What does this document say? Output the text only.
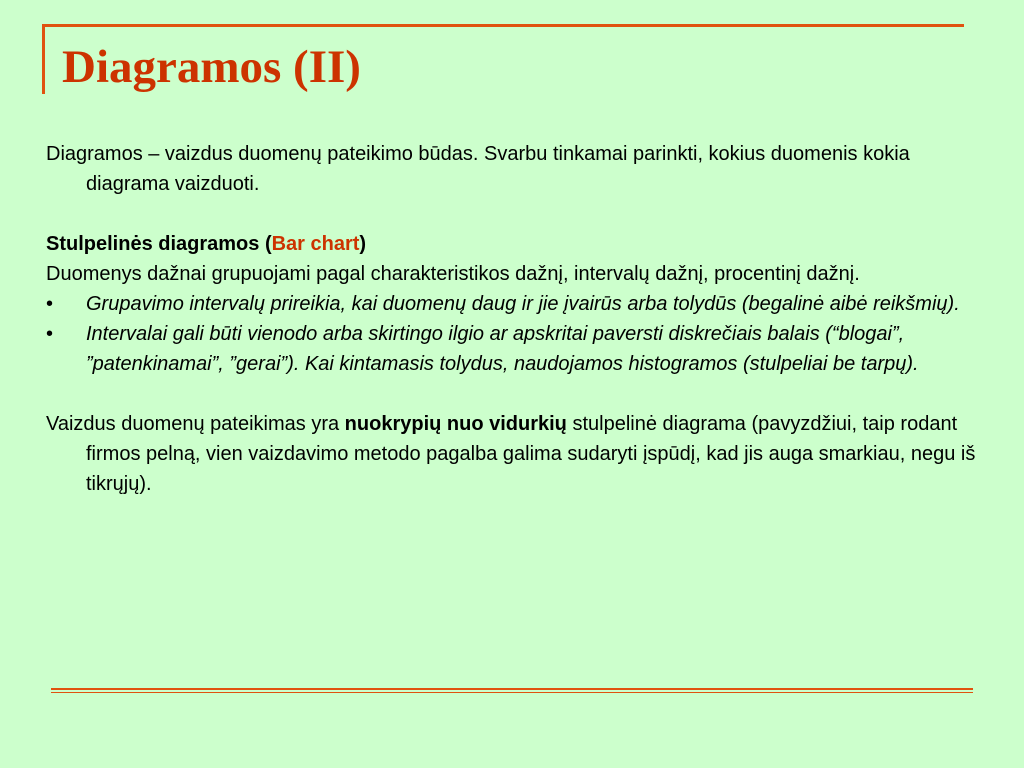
Diagramos (II)

Diagramos – vaizdus duomenų pateikimo būdas. Svarbu tinkamai parinkti, kokius duomenis kokia diagrama vaizduoti.

Stulpelinės diagramos (Bar chart)

Duomenys dažnai grupuojami pagal charakteristikos dažnį, intervalų dažnį, procentinį dažnį.

•	Grupavimo intervalų prireikia, kai duomenų daug ir jie įvairūs arba tolydūs (begalinė aibė reikšmių).

•	Intervalai gali būti vienodo arba skirtingo ilgio ar apskritai paversti diskrečiais balais (“blogai”, ”patenkinamai”, ”gerai”). Kai kintamasis tolydus, naudojamos histogramos (stulpeliai be tarpų).

Vaizdus duomenų pateikimas yra nuokrypių nuo vidurkių stulpelinė diagrama (pavyzdžiui, taip rodant firmos pelną, vien vaizdavimo metodo pagalba galima sudaryti įspūdį, kad jis auga smarkiau, negu iš tikrųjų).
